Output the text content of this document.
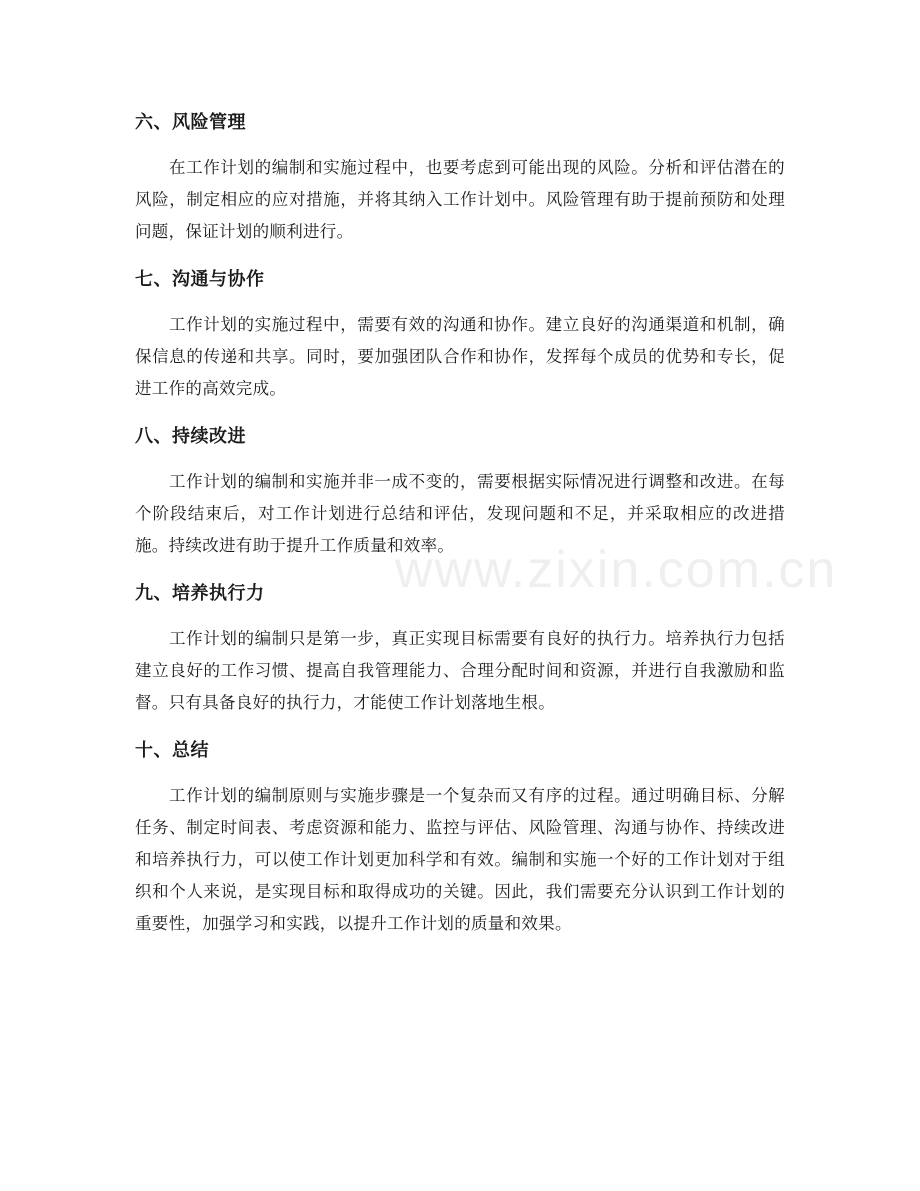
六、风险管理

在工作计划的编制和实施过程中，也要考虑到可能出现的风险。分析和评估潜在的风险，制定相应的应对措施，并将其纳入工作计划中。风险管理有助于提前预防和处理问题，保证计划的顺利进行。

七、沟通与协作

工作计划的实施过程中，需要有效的沟通和协作。建立良好的沟通渠道和机制，确保信息的传递和共享。同时，要加强团队合作和协作，发挥每个成员的优势和专长，促进工作的高效完成。

八、持续改进

工作计划的编制和实施并非一成不变的，需要根据实际情况进行调整和改进。在每个阶段结束后，对工作计划进行总结和评估，发现问题和不足，并采取相应的改进措施。持续改进有助于提升工作质量和效率。

九、培养执行力

工作计划的编制只是第一步，真正实现目标需要有良好的执行力。培养执行力包括建立良好的工作习惯、提高自我管理能力、合理分配时间和资源，并进行自我激励和监督。只有具备良好的执行力，才能使工作计划落地生根。

十、总结

工作计划的编制原则与实施步骤是一个复杂而又有序的过程。通过明确目标、分解任务、制定时间表、考虑资源和能力、监控与评估、风险管理、沟通与协作、持续改进和培养执行力，可以使工作计划更加科学和有效。编制和实施一个好的工作计划对于组织和个人来说，是实现目标和取得成功的关键。因此，我们需要充分认识到工作计划的重要性，加强学习和实践，以提升工作计划的质量和效果。

www.zixin.com.cn
